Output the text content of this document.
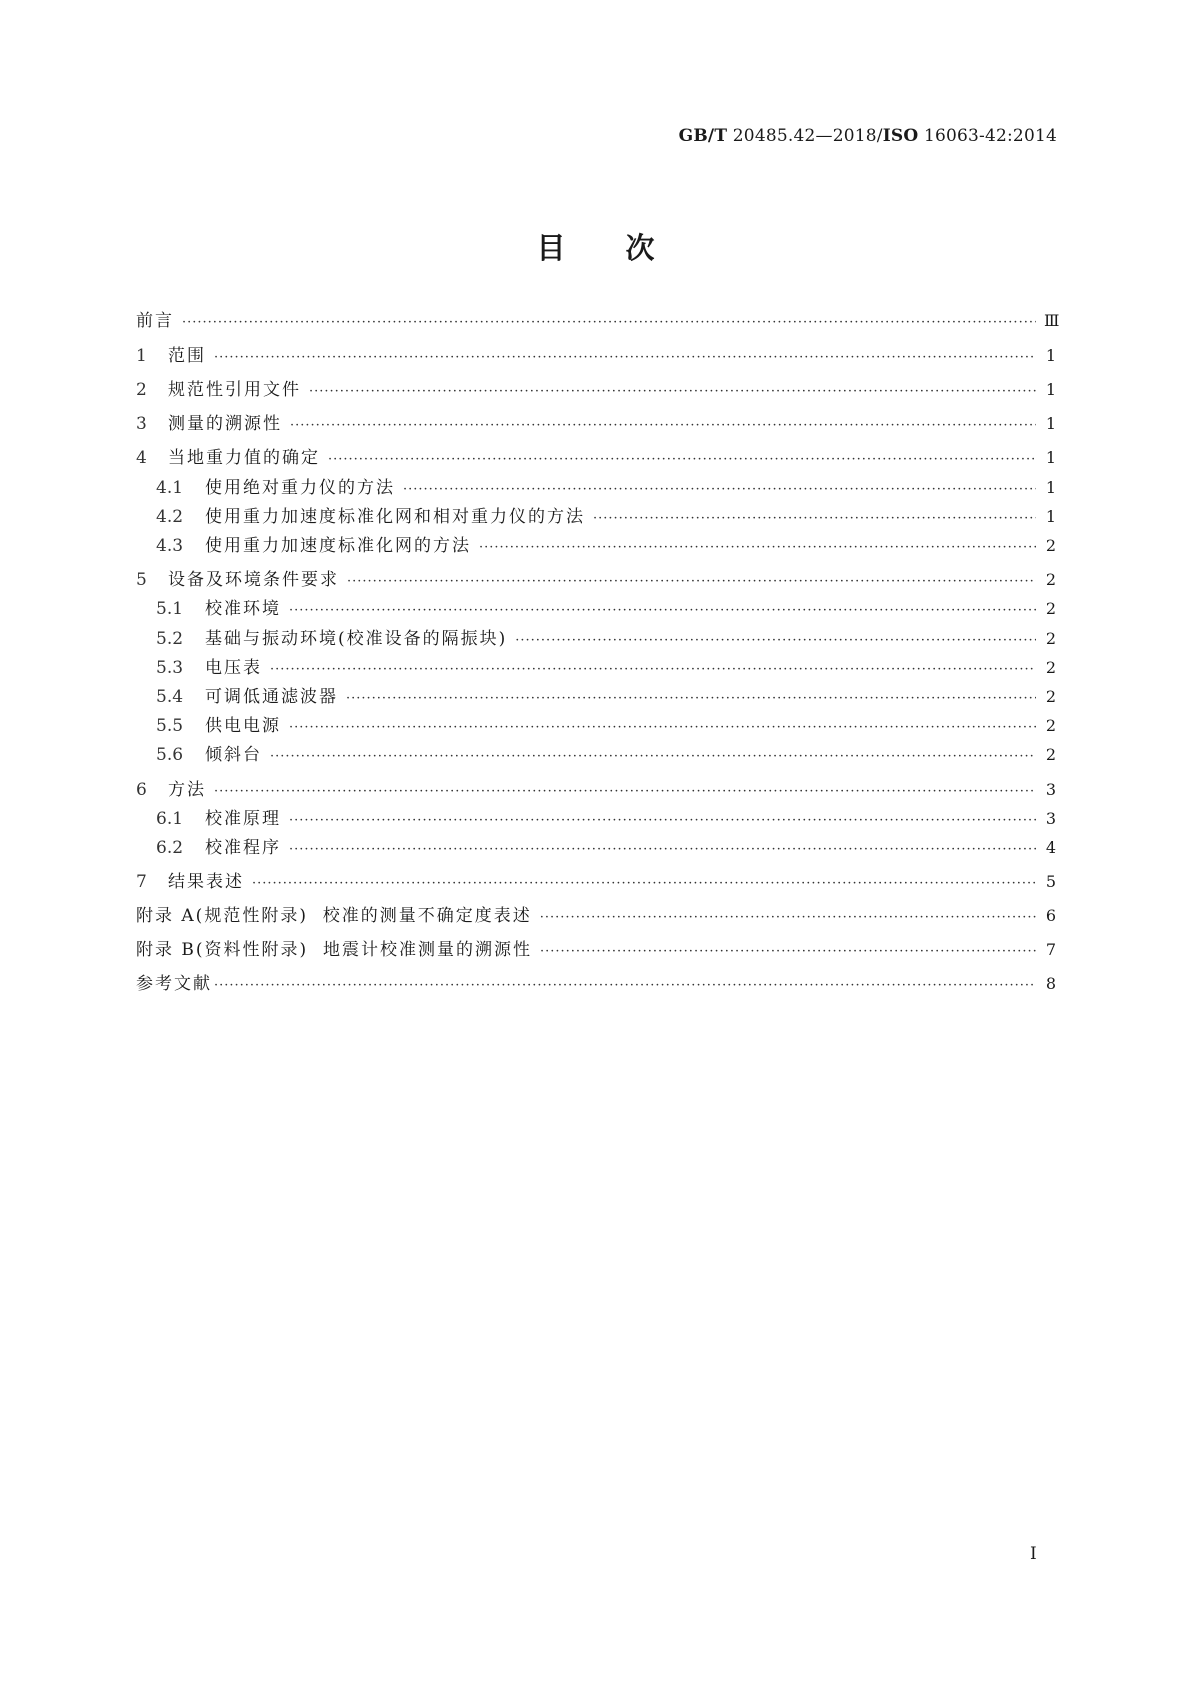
GB/T 20485.42—2018/ISO 16063-42:2014
目 次
前言 ·····	Ⅲ
1	范围 ·····	1
2	规范性引用文件 ·····	1
3	测量的溯源性 ·····	1
4	当地重力值的确定 ·····	1
4.1	使用绝对重力仪的方法 ·····	1
4.2	使用重力加速度标准化网和相对重力仪的方法 ·····	1
4.3	使用重力加速度标准化网的方法 ·····	2
5	设备及环境条件要求 ·····	2
5.1	校准环境 ·····	2
5.2	基础与振动环境(校准设备的隔振块) ·····	2
5.3	电压表 ·····	2
5.4	可调低通滤波器 ·····	2
5.5	供电电源 ·····	2
5.6	倾斜台 ·····	2
6	方法 ·····	3
6.1	校准原理 ·····	3
6.2	校准程序 ·····	4
7	结果表述 ·····	5
附录 A(规范性附录)  校准的测量不确定度表述 ·····	6
附录 B(资料性附录)  地震计校准测量的溯源性 ·····	7
参考文献 ·····	8
I
